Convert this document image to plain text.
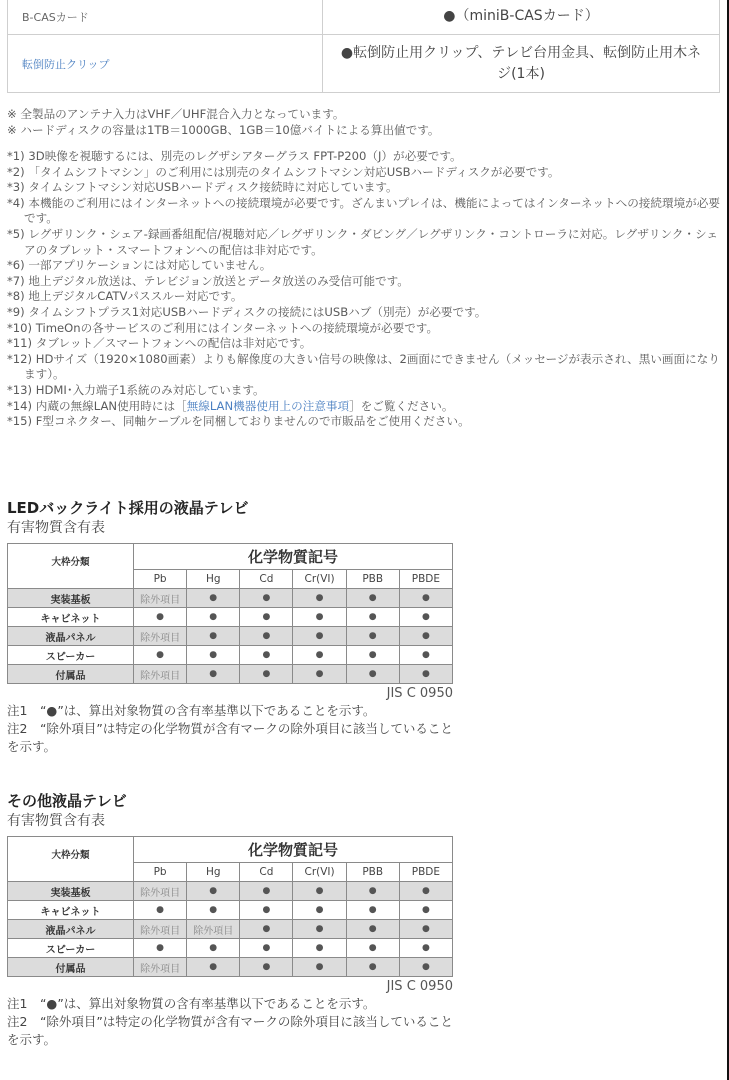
B-CASカード	●（miniB-CASカード）
転倒防止クリップ	●転倒防止用クリップ、テレビ台用金具、転倒防止用木ネジ(1本)

※ 全製品のアンテナ入力はVHF／UHF混合入力となっています。

※ ハードディスクの容量は1TB＝1000GB、1GB＝10億バイトによる算出値です。

*1) 3D映像を視聴するには、別売のレグザシアターグラス FPT-P200（J）が必要です。

*2) 「タイムシフトマシン」のご利用には別売のタイムシフトマシン対応USBハードディスクが必要です。

*3) タイムシフトマシン対応USBハードディスク接続時に対応しています。

*4) 本機能のご利用にはインターネットへの接続環境が必要です。ざんまいプレイは、機能によってはインターネットへの接続環境が必要です。

*5) レグザリンク・シェア-録画番組配信/視聴対応／レグザリンク・ダビング／レグザリンク・コントローラに対応。レグザリンク・シェアのタブレット・スマートフォンへの配信は非対応です。

*6) 一部アプリケーションには対応していません。

*7) 地上デジタル放送は、テレビジョン放送とデータ放送のみ受信可能です。

*8) 地上デジタルCATVパススルー対応です。

*9) タイムシフトプラス1対応USBハードディスクの接続にはUSBハブ（別売）が必要です。

*10) TimeOnの各サービスのご利用にはインターネットへの接続環境が必要です。

*11) タブレット／スマートフォンへの配信は非対応です。

*12) HDサイズ（1920×1080画素）よりも解像度の大きい信号の映像は、2画面にできません（メッセージが表示され、黒い画面になります）。

*13) HDMI･入力端子1系統のみ対応しています。

*14) 内蔵の無線LAN使用時には［無線LAN機器使用上の注意事項］をご覧ください。

*15) F型コネクター、同軸ケーブルを同梱しておりませんので市販品をご使用ください。

LEDバックライト採用の液晶テレビ
有害物質含有表
大枠分類	化学物質記号					
	Pb	Hg	Cd	Cr(VI)	PBB	PBDE
実装基板	除外項目	●	●	●	●	●
キャビネット	●	●	●	●	●	●
液晶パネル	除外項目	●	●	●	●	●
スピーカー	●	●	●	●	●	●
付属品	除外項目	●	●	●	●	●
JIS C 0950

注1　“●”は、算出対象物質の含有率基準以下であることを示す。

注2　“除外項目”は特定の化学物質が含有マークの除外項目に該当していることを示す。

その他液晶テレビ
有害物質含有表
大枠分類	化学物質記号					
	Pb	Hg	Cd	Cr(VI)	PBB	PBDE
実装基板	除外項目	●	●	●	●	●
キャビネット	●	●	●	●	●	●
液晶パネル	除外項目	除外項目	●	●	●	●
スピーカー	●	●	●	●	●	●
付属品	除外項目	●	●	●	●	●
JIS C 0950

注1　“●”は、算出対象物質の含有率基準以下であることを示す。

注2　“除外項目”は特定の化学物質が含有マークの除外項目に該当していることを示す。
